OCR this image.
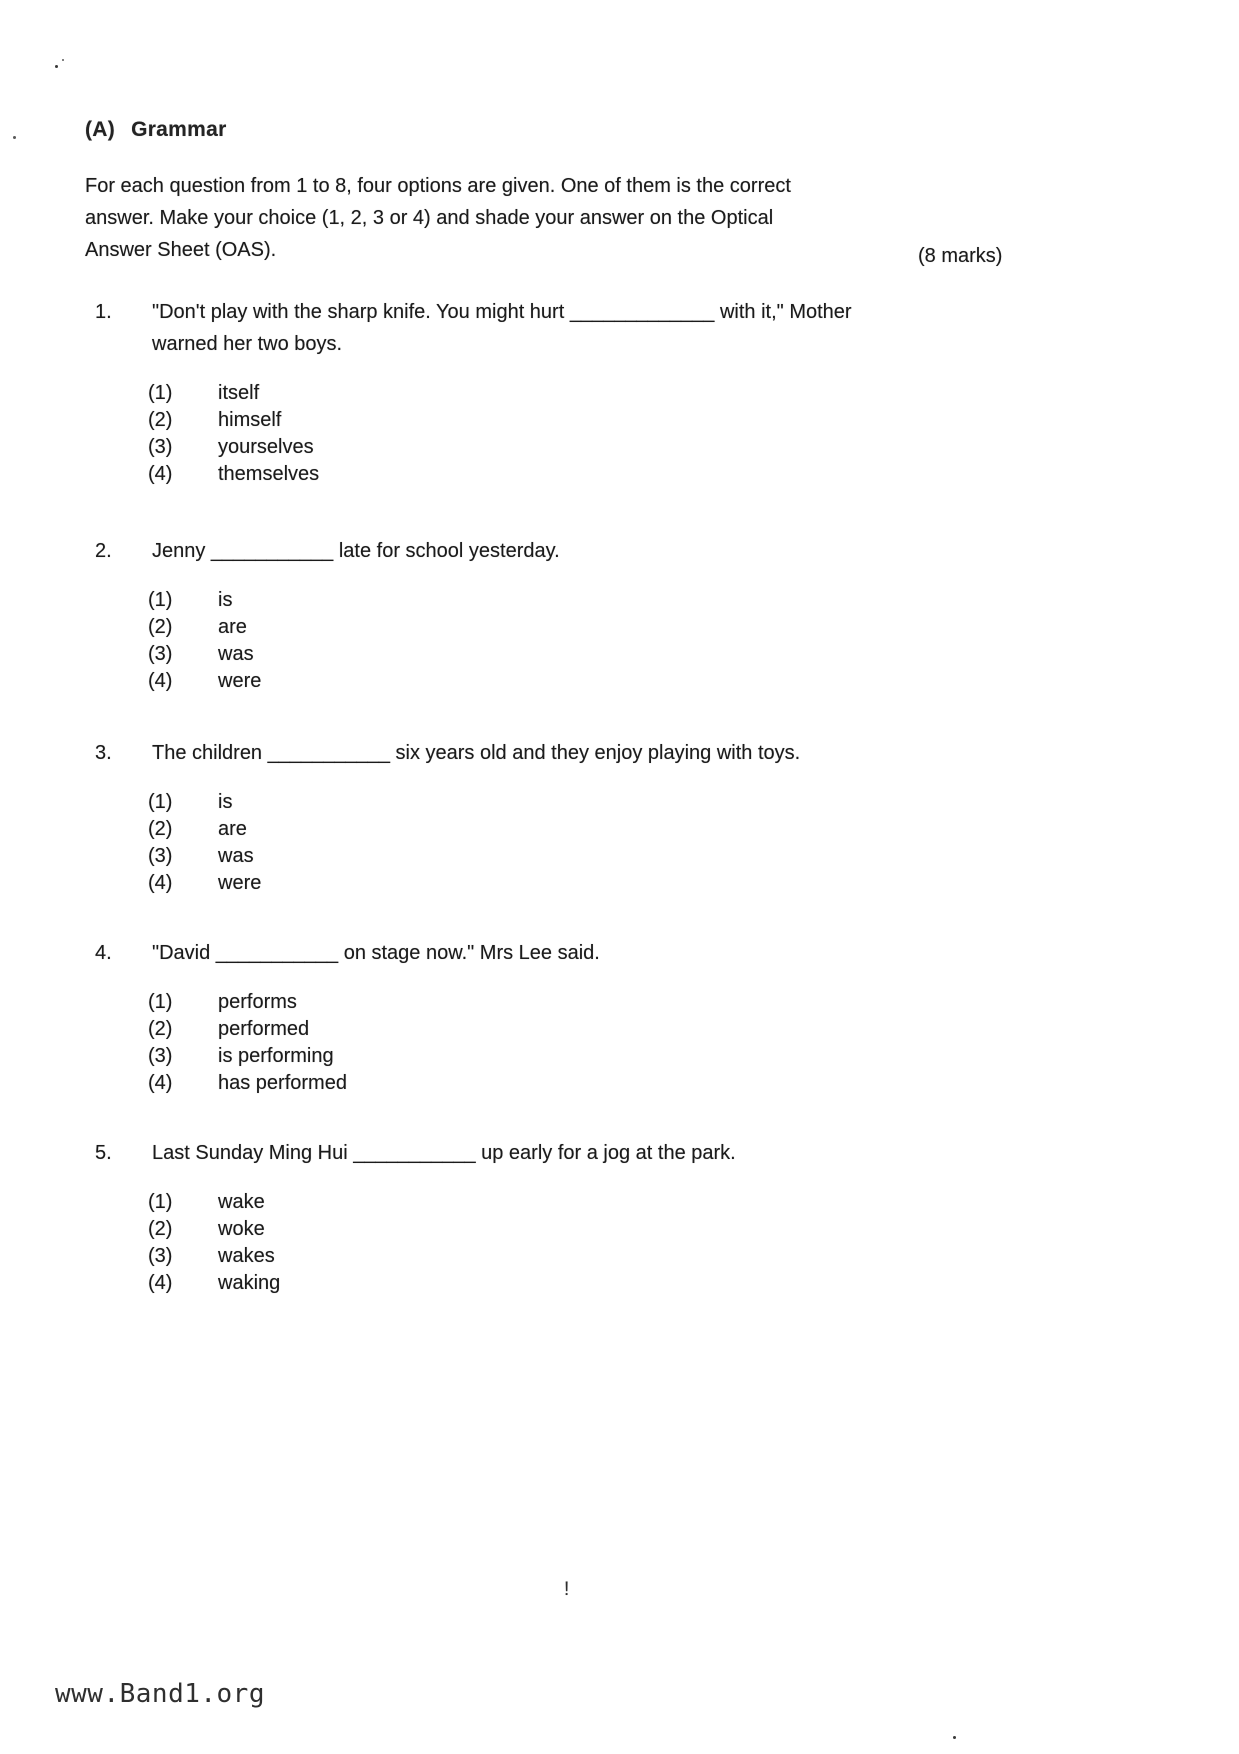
(A) Grammar
For each question from 1 to 8, four options are given. One of them is the correct
answer. Make your choice (1, 2, 3 or 4) and shade your answer on the Optical
Answer Sheet (OAS).	(8 marks)
1.	"Don't play with the sharp knife. You might hurt _____________ with it," Mother
warned her two boys.
(1)	itself
(2)	himself
(3)	yourselves
(4)	themselves
2.	Jenny ___________ late for school yesterday.
(1)	is
(2)	are
(3)	was
(4)	were
3.	The children ___________ six years old and they enjoy playing with toys.
(1)	is
(2)	are
(3)	was
(4)	were
4.	"David ___________ on stage now." Mrs Lee said.
(1)	performs
(2)	performed
(3)	is performing
(4)	has performed
5.	Last Sunday Ming Hui ___________ up early for a jog at the park.
(1)	wake
(2)	woke
(3)	wakes
(4)	waking
!
www.Band1.org
